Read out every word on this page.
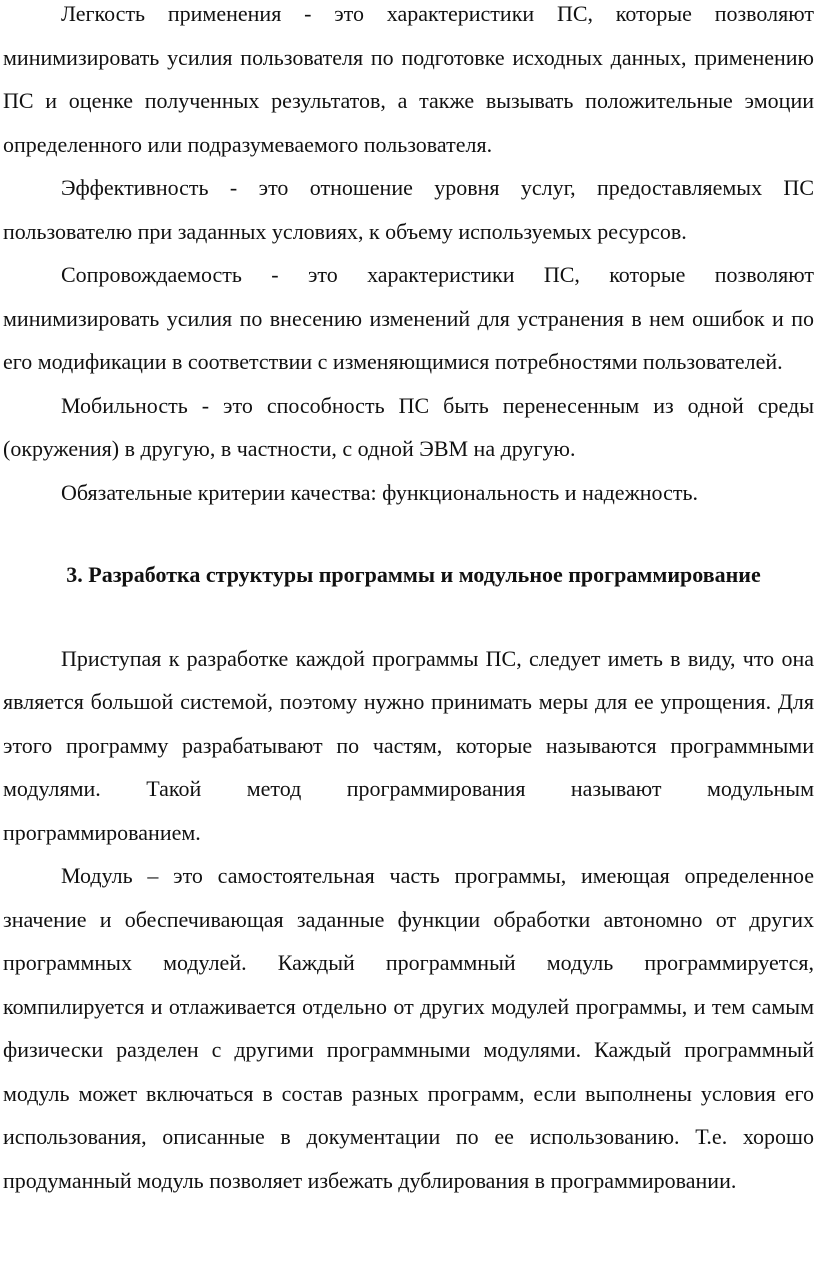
Легкость применения - это характеристики ПС, которые позволяют минимизировать усилия пользователя по подготовке исходных данных, применению ПС и оценке полученных результатов, а также вызывать положительные эмоции определенного или подразумеваемого пользователя.

Эффективность - это отношение уровня услуг, предоставляемых ПС пользователю при заданных условиях, к объему используемых ресурсов.

Сопровождаемость - это характеристики ПС, которые позволяют минимизировать усилия по внесению изменений для устранения в нем ошибок и по его модификации в соответствии с изменяющимися потребностями пользователей.

Мобильность - это способность ПС быть перенесенным из одной среды (окружения) в другую, в частности, с одной ЭВМ на другую.

Обязательные критерии качества: функциональность и надежность.

3. Разработка структуры программы и модульное программирование

Приступая к разработке каждой программы ПС, следует иметь в виду, что она является большой системой, поэтому нужно принимать меры для ее упрощения. Для этого программу разрабатывают по частям, которые называются программными модулями. Такой метод программирования называют модульным программированием.

Модуль – это самостоятельная часть программы, имеющая определенное значение и обеспечивающая заданные функции обработки автономно от других программных модулей. Каждый программный модуль программируется, компилируется и отлаживается отдельно от других модулей программы, и тем самым физически разделен с другими программными модулями. Каждый программный модуль может включаться в состав разных программ, если выполнены условия его использования, описанные в документации по ее использованию. Т.е. хорошо продуманный модуль позволяет избежать дублирования в программировании.
